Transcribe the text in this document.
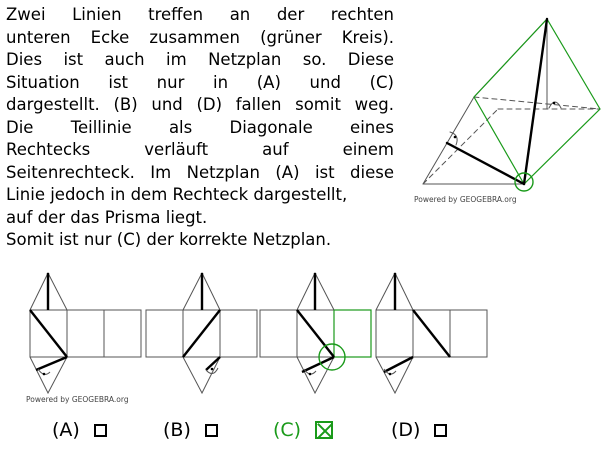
Zwei Linien treffen an der rechten
unteren Ecke zusammen (grüner Kreis).
Dies ist auch im Netzplan so. Diese
Situation ist nur in (A) und (C)
dargestellt. (B) und (D) fallen somit weg.
Die Teillinie als Diagonale eines
Rechtecks verläuft auf einem
Seitenrechteck. Im Netzplan (A) ist diese
Linie jedoch in dem Rechteck dargestellt,
auf der das Prisma liegt.
Somit ist nur (C) der korrekte Netzplan.
Powered by GEOGEBRA.org
Powered by GEOGEBRA.org
(A)	(B)	(C)	(D)
